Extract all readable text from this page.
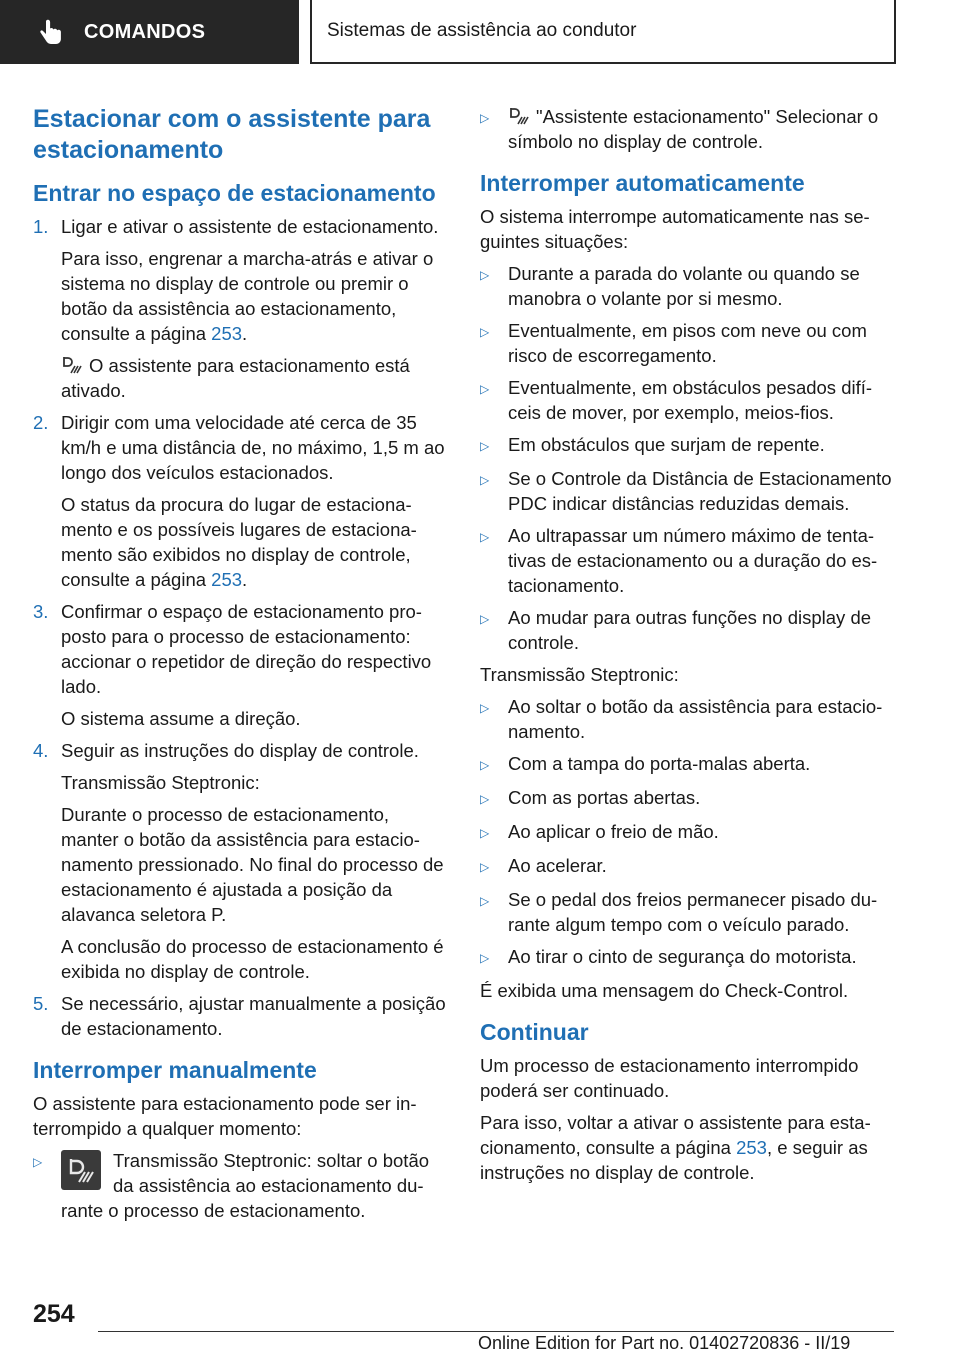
COMANDOS	Sistemas de assistência ao condutor
Estacionar com o assistente para estacionamento
Entrar no espaço de estacionamento
1. Ligar e ativar o assistente de estacionamento.

Para isso, engrenar a marcha-atrás e ativar o sistema no display de controle ou premir o botão da assistência ao estacionamento, consulte a página 253.

O assistente para estacionamento está ativado.

2. Dirigir com uma velocidade até cerca de 35 km/h e uma distância de, no máximo, 1,5 m ao longo dos veículos estacionados.

O status da procura do lugar de estacionamento e os possíveis lugares de estacionamento são exibidos no display de controle, consulte a página 253.

3. Confirmar o espaço de estacionamento proposto para o processo de estacionamento: accionar o repetidor de direção do respectivo lado.

O sistema assume a direção.

4. Seguir as instruções do display de controle.

Transmissão Steptronic:

Durante o processo de estacionamento, manter o botão da assistência para estacionamento pressionado. No final do processo de estacionamento é ajustada a posição da alavanca seletora P.

A conclusão do processo de estacionamento é exibida no display de controle.

5. Se necessário, ajustar manualmente a posição de estacionamento.

Interromper manualmente

O assistente para estacionamento pode ser interrompido a qualquer momento:

▷	Transmissão Steptronic: soltar o botão da assistência ao estacionamento durante o processo de estacionamento.
▷	"Assistente estacionamento" Selecionar o símbolo no display de controle.
Interromper automaticamente

O sistema interrompe automaticamente nas seguintes situações:

▷	Durante a parada do volante ou quando se manobra o volante por si mesmo.
▷	Eventualmente, em pisos com neve ou com risco de escorregamento.
▷	Eventualmente, em obstáculos pesados difíceis de mover, por exemplo, meios-fios.
▷	Em obstáculos que surjam de repente.
▷	Se o Controle da Distância de Estacionamento PDC indicar distâncias reduzidas demais.
▷	Ao ultrapassar um número máximo de tentativas de estacionamento ou a duração do estacionamento.
▷	Ao mudar para outras funções no display de controle.

Transmissão Steptronic:

▷	Ao soltar o botão da assistência para estacionamento.
▷	Com a tampa do porta-malas aberta.
▷	Com as portas abertas.
▷	Ao aplicar o freio de mão.
▷	Ao acelerar.
▷	Se o pedal dos freios permanecer pisado durante algum tempo com o veículo parado.
▷	Ao tirar o cinto de segurança do motorista.

É exibida uma mensagem do Check-Control.

Continuar

Um processo de estacionamento interrompido poderá ser continuado.

Para isso, voltar a ativar o assistente para estacionamento, consulte a página 253, e seguir as instruções no display de controle.

254
Online Edition for Part no. 01402720836 - II/19
